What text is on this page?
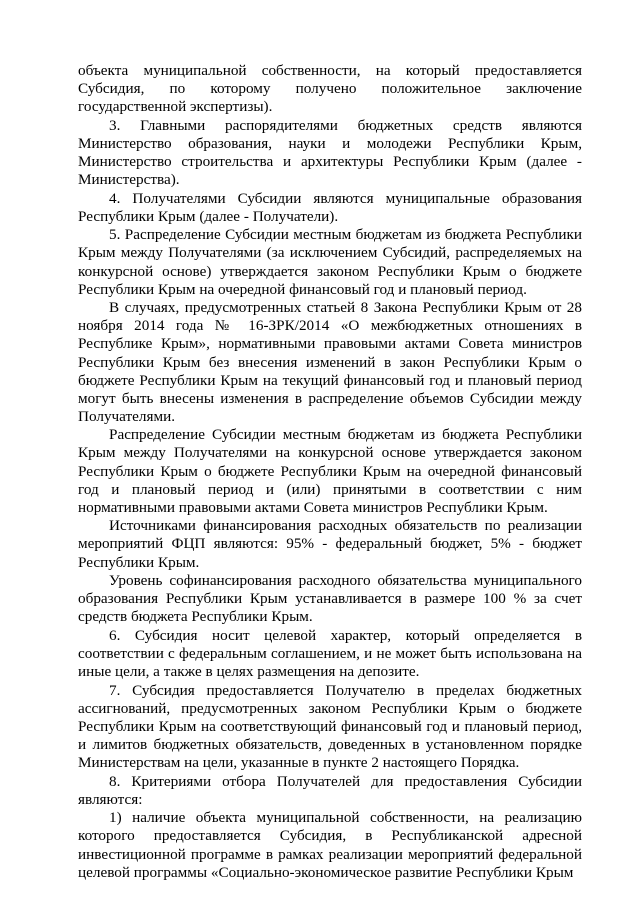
объекта муниципальной собственности, на который предоставляется Субсидия, по которому получено положительное заключение государственной экспертизы).

3. Главными распорядителями бюджетных средств являются Министерство образования, науки и молодежи Республики Крым, Министерство строительства и архитектуры Республики Крым (далее - Министерства).

4. Получателями Субсидии являются муниципальные образования Республики Крым (далее - Получатели).

5. Распределение Субсидии местным бюджетам из бюджета Республики Крым между Получателями (за исключением Субсидий, распределяемых на конкурсной основе) утверждается законом Республики Крым о бюджете Республики Крым на очередной финансовый год и плановый период.

В случаях, предусмотренных статьей 8 Закона Республики Крым от 28 ноября 2014 года № 16-ЗРК/2014 «О межбюджетных отношениях в Республике Крым», нормативными правовыми актами Совета министров Республики Крым без внесения изменений в закон Республики Крым о бюджете Республики Крым на текущий финансовый год и плановый период могут быть внесены изменения в распределение объемов Субсидии между Получателями.

Распределение Субсидии местным бюджетам из бюджета Республики Крым между Получателями на конкурсной основе утверждается законом Республики Крым о бюджете Республики Крым на очередной финансовый год и плановый период и (или) принятыми в соответствии с ним нормативными правовыми актами Совета министров Республики Крым.

Источниками финансирования расходных обязательств по реализации мероприятий ФЦП являются: 95% - федеральный бюджет, 5% - бюджет Республики Крым.

Уровень софинансирования расходного обязательства муниципального образования Республики Крым устанавливается в размере 100 % за счет средств бюджета Республики Крым.

6. Субсидия носит целевой характер, который определяется в соответствии с федеральным соглашением, и не может быть использована на иные цели, а также в целях размещения на депозите.

7. Субсидия предоставляется Получателю в пределах бюджетных ассигнований, предусмотренных законом Республики Крым о бюджете Республики Крым на соответствующий финансовый год и плановый период, и лимитов бюджетных обязательств, доведенных в установленном порядке Министерствам на цели, указанные в пункте 2 настоящего Порядка.

8. Критериями отбора Получателей для предоставления Субсидии являются:

1) наличие объекта муниципальной собственности, на реализацию которого предоставляется Субсидия, в Республиканской адресной инвестиционной программе в рамках реализации мероприятий федеральной целевой программы «Социально-экономическое развитие Республики Крым
